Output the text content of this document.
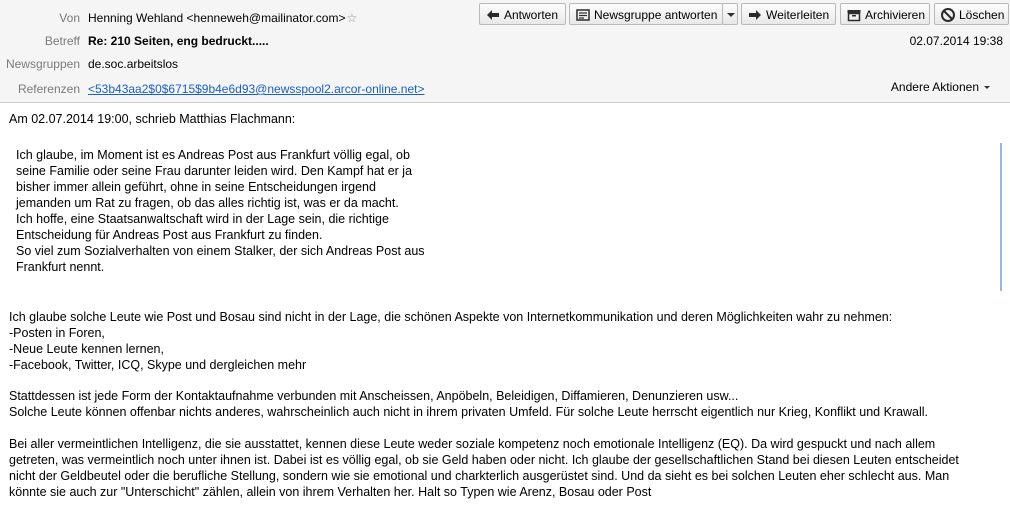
Von Henning Wehland <henneweh@mailinator.com>☆
Betreff Re: 210 Seiten, eng bedruckt.....
Newsgruppen de.soc.arbeitslos
Referenzen <53b43aa2$0$6715$9b4e6d93@newsspool2.arcor-online.net>
Antworten	Newsgruppe antworten	Weiterleiten	Archivieren	Löschen
02.07.2014 19:38
Andere Aktionen
Am 02.07.2014 19:00, schrieb Matthias Flachmann:
Ich glaube, im Moment ist es Andreas Post aus Frankfurt völlig egal, ob
seine Familie oder seine Frau darunter leiden wird. Den Kampf hat er ja
bisher immer allein geführt, ohne in seine Entscheidungen irgend
jemanden um Rat zu fragen, ob das alles richtig ist, was er da macht.
Ich hoffe, eine Staatsanwaltschaft wird in der Lage sein, die richtige
Entscheidung für Andreas Post aus Frankfurt zu finden.
So viel zum Sozialverhalten von einem Stalker, der sich Andreas Post aus
Frankfurt nennt.
Ich glaube solche Leute wie Post und Bosau sind nicht in der Lage, die schönen Aspekte von Internetkommunikation und deren Möglichkeiten wahr zu nehmen:
-Posten in Foren,
-Neue Leute kennen lernen,
-Facebook, Twitter, ICQ, Skype und dergleichen mehr
Stattdessen ist jede Form der Kontaktaufnahme verbunden mit Anscheissen, Anpöbeln, Beleidigen, Diffamieren, Denunzieren usw...
Solche Leute können offenbar nichts anderes, wahrscheinlich auch nicht in ihrem privaten Umfeld. Für solche Leute herrscht eigentlich nur Krieg, Konflikt und Krawall.
Bei aller vermeintlichen Intelligenz, die sie ausstattet, kennen diese Leute weder soziale kompetenz noch emotionale Intelligenz (EQ). Da wird gespuckt und nach allem
getreten, was vermeintlich noch unter ihnen ist. Dabei ist es völlig egal, ob sie Geld haben oder nicht. Ich glaube der gesellschaftlichen Stand bei diesen Leuten entscheidet
nicht der Geldbeutel oder die berufliche Stellung, sondern wie sie emotional und charkterlich ausgerüstet sind. Und da sieht es bei solchen Leuten eher schlecht aus. Man
könnte sie auch zur "Unterschicht" zählen, allein von ihrem Verhalten her. Halt so Typen wie Arenz, Bosau oder Post
